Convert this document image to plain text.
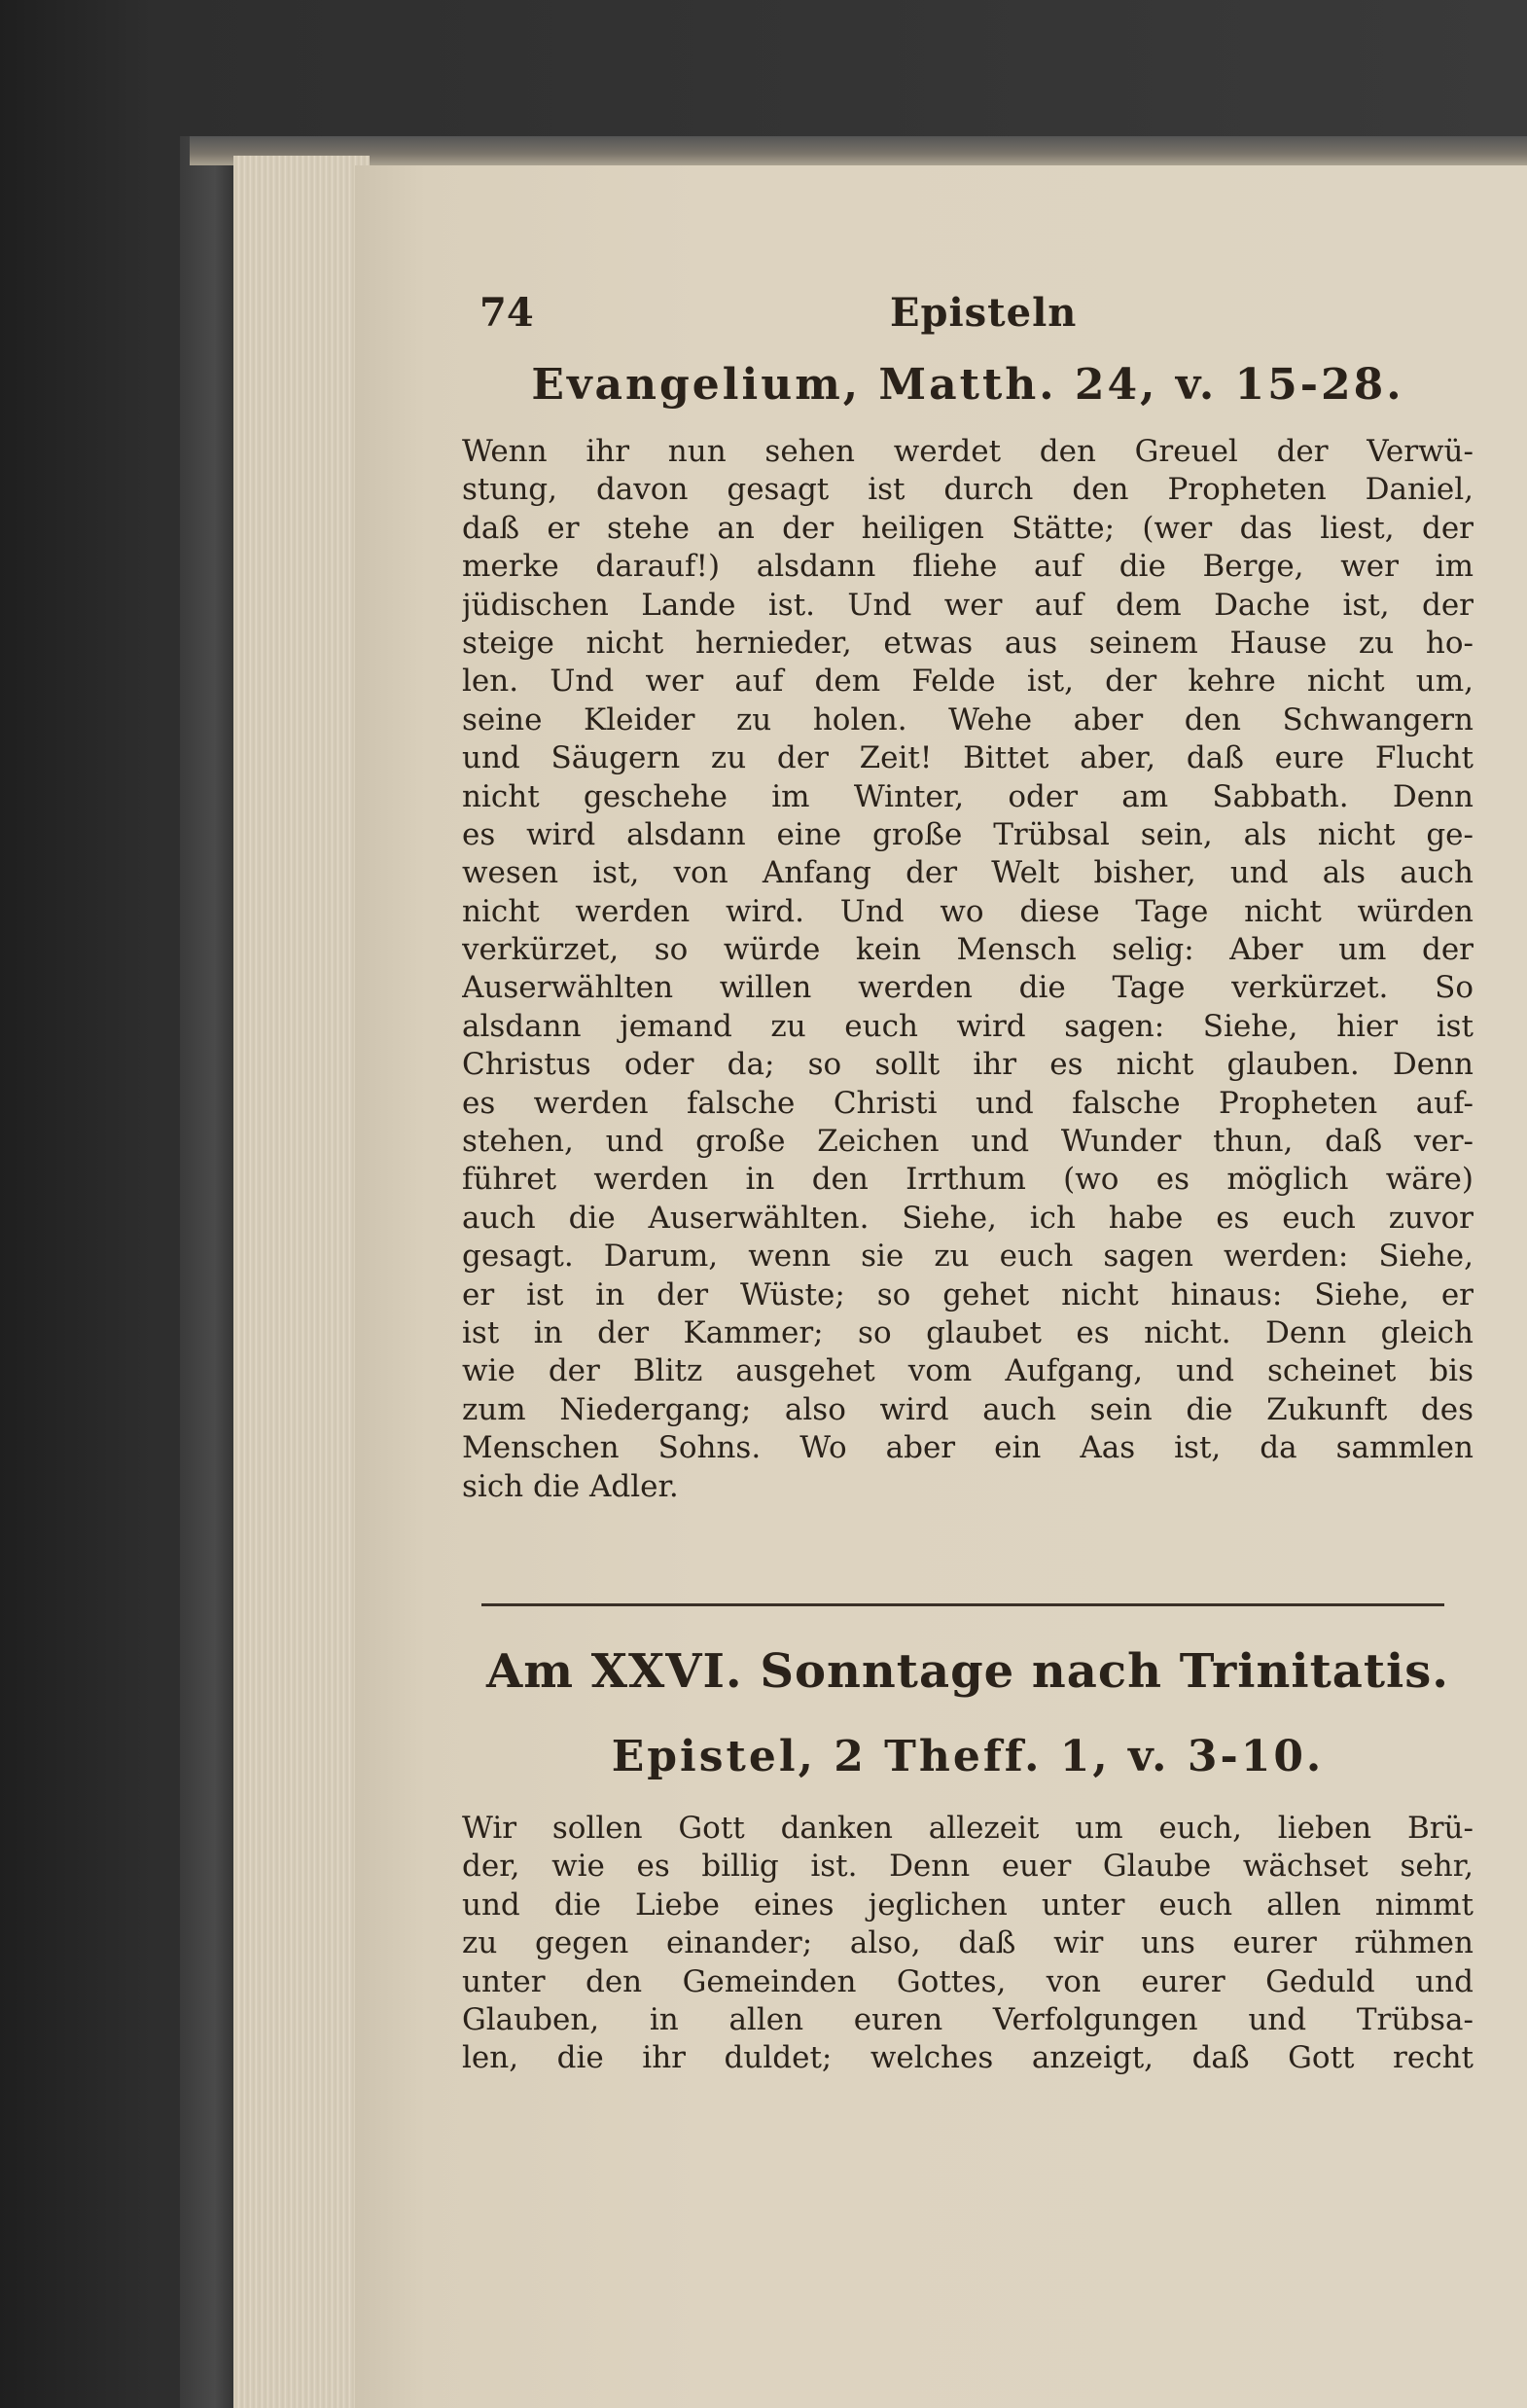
74	Episteln
Evangelium, Matth. 24, v. 15-28.
Wenn ihr nun sehen werdet den Greuel der Verwü-
stung, davon gesagt ist durch den Propheten Daniel,
daß er stehe an der heiligen Stätte; (wer das liest, der
merke darauf!) alsdann fliehe auf die Berge, wer im
jüdischen Lande ist. Und wer auf dem Dache ist, der
steige nicht hernieder, etwas aus seinem Hause zu ho-
len. Und wer auf dem Felde ist, der kehre nicht um,
seine Kleider zu holen. Wehe aber den Schwangern
und Säugern zu der Zeit! Bittet aber, daß eure Flucht
nicht geschehe im Winter, oder am Sabbath. Denn
es wird alsdann eine große Trübsal sein, als nicht ge-
wesen ist, von Anfang der Welt bisher, und als auch
nicht werden wird. Und wo diese Tage nicht würden
verkürzet, so würde kein Mensch selig: Aber um der
Auserwählten willen werden die Tage verkürzet. So
alsdann jemand zu euch wird sagen: Siehe, hier ist
Christus oder da; so sollt ihr es nicht glauben. Denn
es werden falsche Christi und falsche Propheten auf-
stehen, und große Zeichen und Wunder thun, daß ver-
führet werden in den Irrthum (wo es möglich wäre)
auch die Auserwählten. Siehe, ich habe es euch zuvor
gesagt. Darum, wenn sie zu euch sagen werden: Siehe,
er ist in der Wüste; so gehet nicht hinaus: Siehe, er
ist in der Kammer; so glaubet es nicht. Denn gleich
wie der Blitz ausgehet vom Aufgang, und scheinet bis
zum Niedergang; also wird auch sein die Zukunft des
Menschen Sohns. Wo aber ein Aas ist, da sammlen
sich die Adler.
Am XXVI. Sonntage nach Trinitatis.
Epistel, 2 Theff. 1, v. 3-10.
Wir sollen Gott danken allezeit um euch, lieben Brü-
der, wie es billig ist. Denn euer Glaube wächset sehr,
und die Liebe eines jeglichen unter euch allen nimmt
zu gegen einander; also, daß wir uns eurer rühmen
unter den Gemeinden Gottes, von eurer Geduld und
Glauben, in allen euren Verfolgungen und Trübsa-
len, die ihr duldet; welches anzeigt, daß Gott recht
